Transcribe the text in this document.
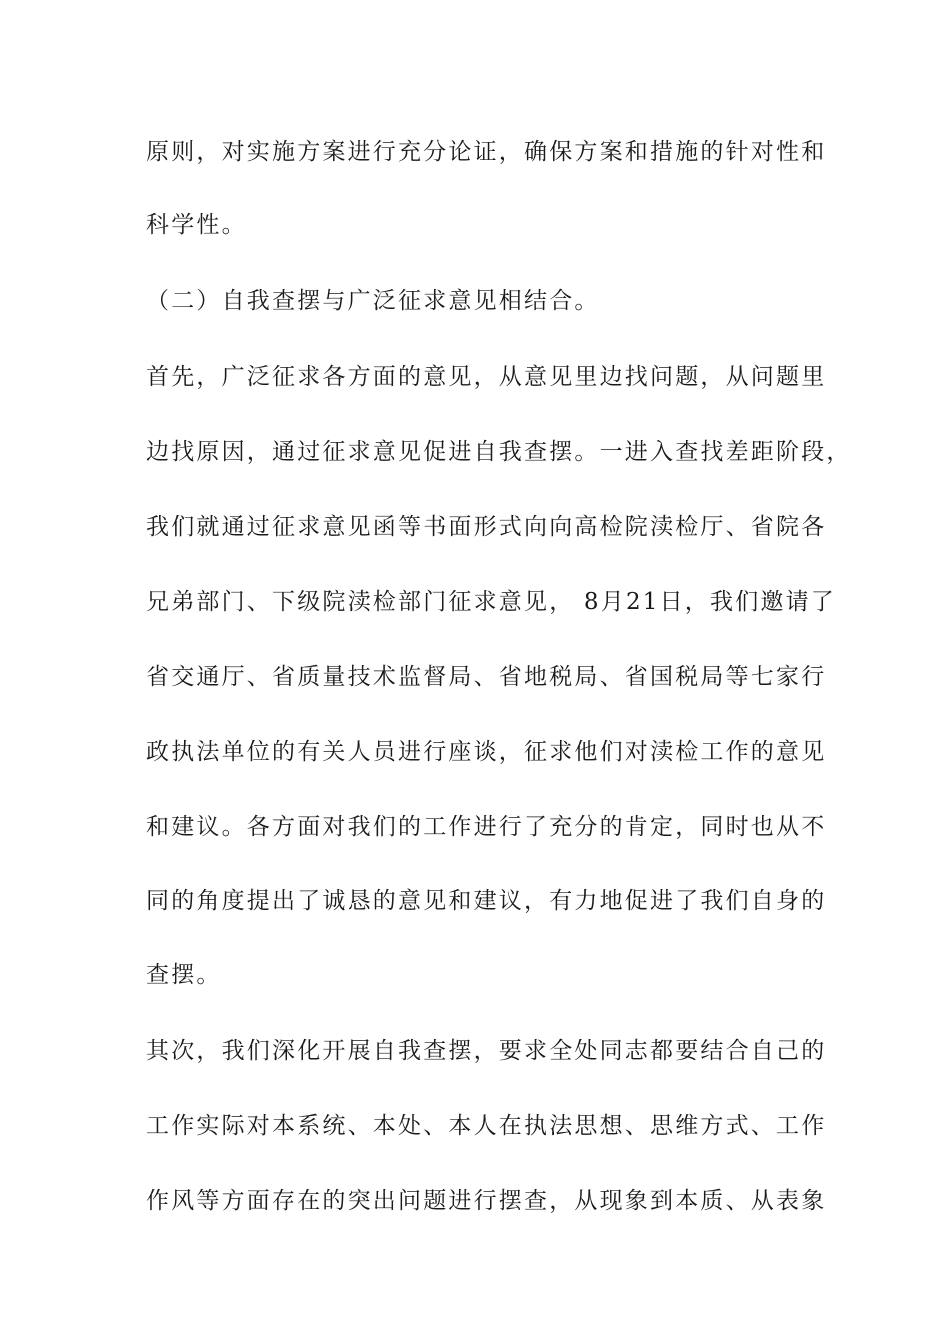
原则，对实施方案进行充分论证，确保方案和措施的针对性和
科学性。
（二）自我查摆与广泛征求意见相结合。
首先，广泛征求各方面的意见，从意见里边找问题，从问题里
边找原因，通过征求意见促进自我查摆。一进入查找差距阶段，
我们就通过征求意见函等书面形式向向高检院渎检厅、省院各
兄弟部门、下级院渎检部门征求意见， 8月21日，我们邀请了
省交通厅、省质量技术监督局、省地税局、省国税局等七家行
政执法单位的有关人员进行座谈，征求他们对渎检工作的意见
和建议。各方面对我们的工作进行了充分的肯定，同时也从不
同的角度提出了诚恳的意见和建议，有力地促进了我们自身的
查摆。
其次，我们深化开展自我查摆，要求全处同志都要结合自己的
工作实际对本系统、本处、本人在执法思想、思维方式、工作
作风等方面存在的突出问题进行摆查，从现象到本质、从表象
